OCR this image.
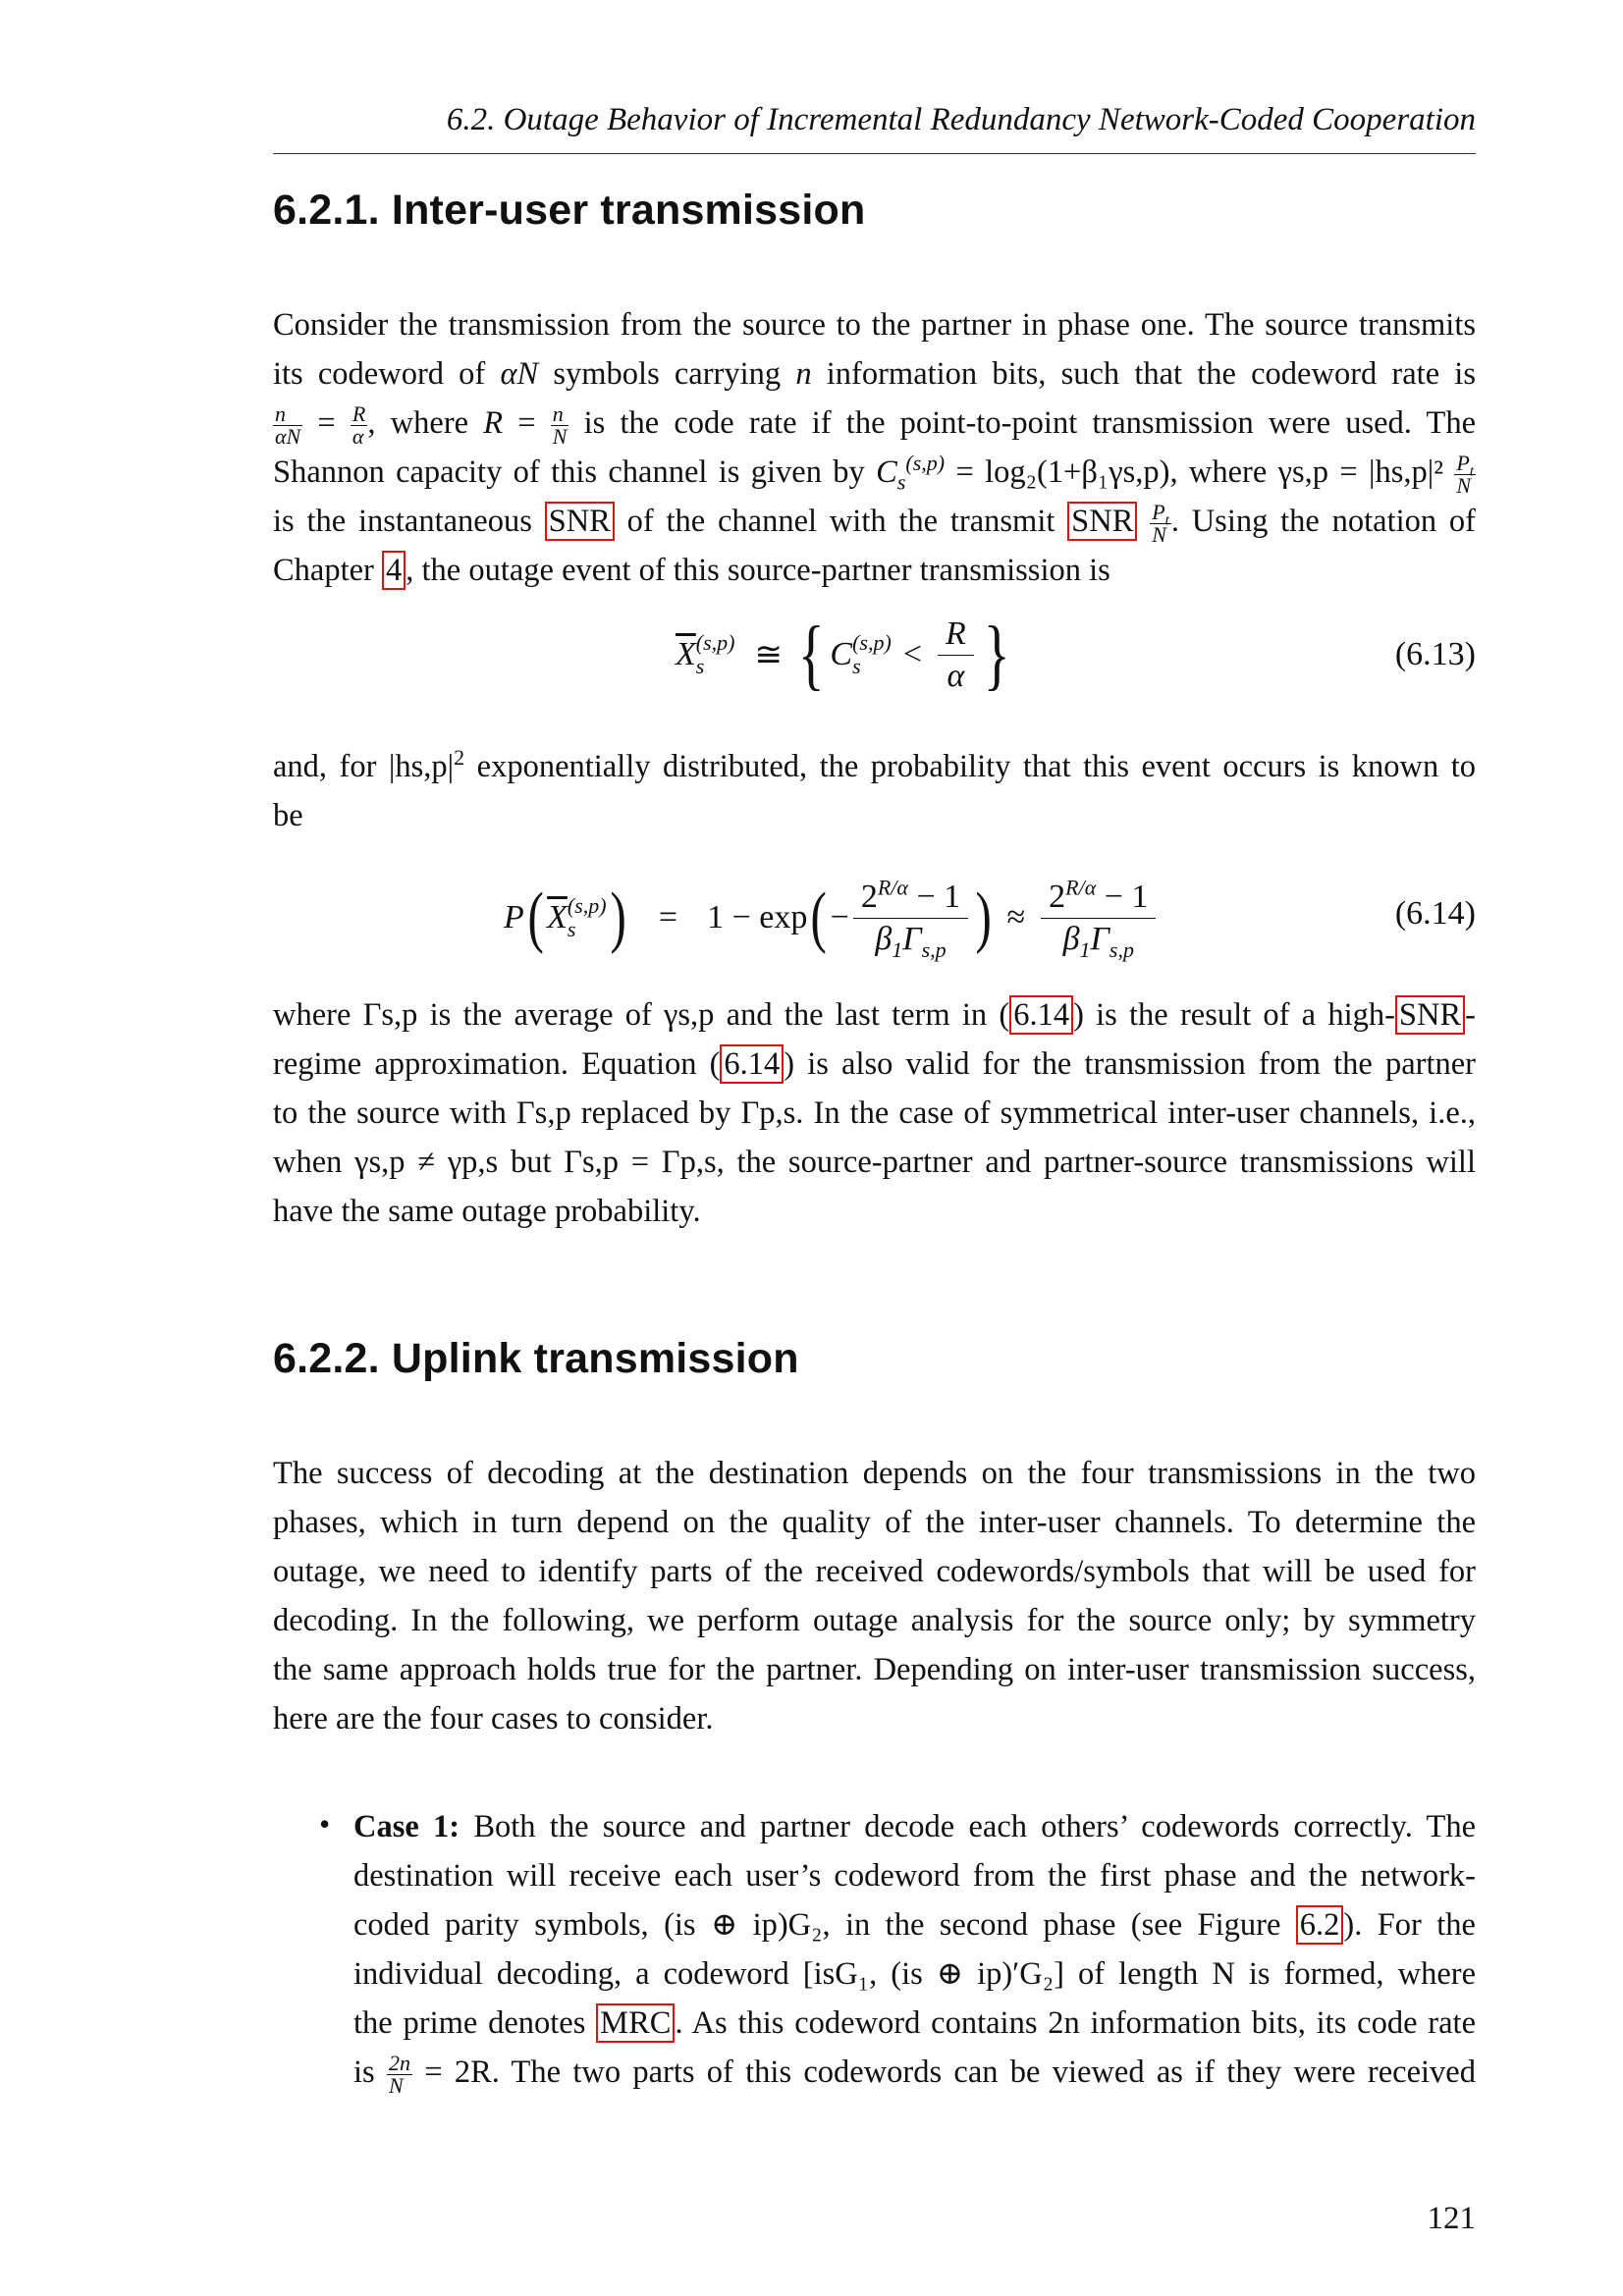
6.2. Outage Behavior of Incremental Redundancy Network-Coded Cooperation
6.2.1. Inter-user transmission
Consider the transmission from the source to the partner in phase one. The source transmits
its codeword of αN symbols carrying n information bits, such that the codeword rate is
$\frac{n}{\alpha N} = \frac{R}{\alpha}$ , where $R = \frac{n}{N}$ is the code rate if the point-to-point transmission were used. The
Shannon capacity of this channel is given by $C_s^{(s,p)} = \log_2(1+\beta_1\gamma s,p)$, where $\gamma s,p = |hs,p|^2 \frac{P_t}{N}$
is the instantaneous SNR of the channel with the transmit SNR $\frac{P_t}{N}$ . Using the notation of
Chapter 4 , the outage event of this source-partner transmission is
$\overline{X}$ (s,p)
s	≅ { C (s,p)
s	<
R
α }	(6.13)
and, for $|hs,p|^2$ exponentially distributed, the probability that this event occurs is known to
be
P ( $\overline{X}$ (s,p)
s ) = 1 − exp ( − $\frac{2^{R/\alpha} - 1}{\beta_1\Gamma_{s,p}}$ ) ≈ $\frac{2^{R/\alpha} - 1}{\beta_1\Gamma_{s,p}}$	(6.14)
where Γs,p is the average of γs,p and the last term in ( 6.14 ) is the result of a high- SNR -
regime approximation. Equation ( 6.14 ) is also valid for the transmission from the partner
to the source with Γs,p replaced by Γp,s. In the case of symmetrical inter-user channels, i.e.,
when γs,p ≠ γp,s but Γs,p = Γp,s, the source-partner and partner-source transmissions will
have the same outage probability.
6.2.2. Uplink transmission
The success of decoding at the destination depends on the four transmissions in the two
phases, which in turn depend on the quality of the inter-user channels. To determine the
outage, we need to identify parts of the received codewords/symbols that will be used for
decoding. In the following, we perform outage analysis for the source only; by symmetry
the same approach holds true for the partner. Depending on inter-user transmission success,
here are the four cases to consider.
• Case 1: Both the source and partner decode each others’ codewords correctly. The
destination will receive each user’s codeword from the first phase and the network-
coded parity symbols, (is ⊕ ip)G₂, in the second phase (see Figure 6.2 ). For the
individual decoding, a codeword [isG₁, (is ⊕ ip)′G₂] of length N is formed, where
the prime denotes MRC . As this codeword contains 2n information bits, its code rate
is $\frac{2n}{N} = 2R$. The two parts of this codewords can be viewed as if they were received
121
